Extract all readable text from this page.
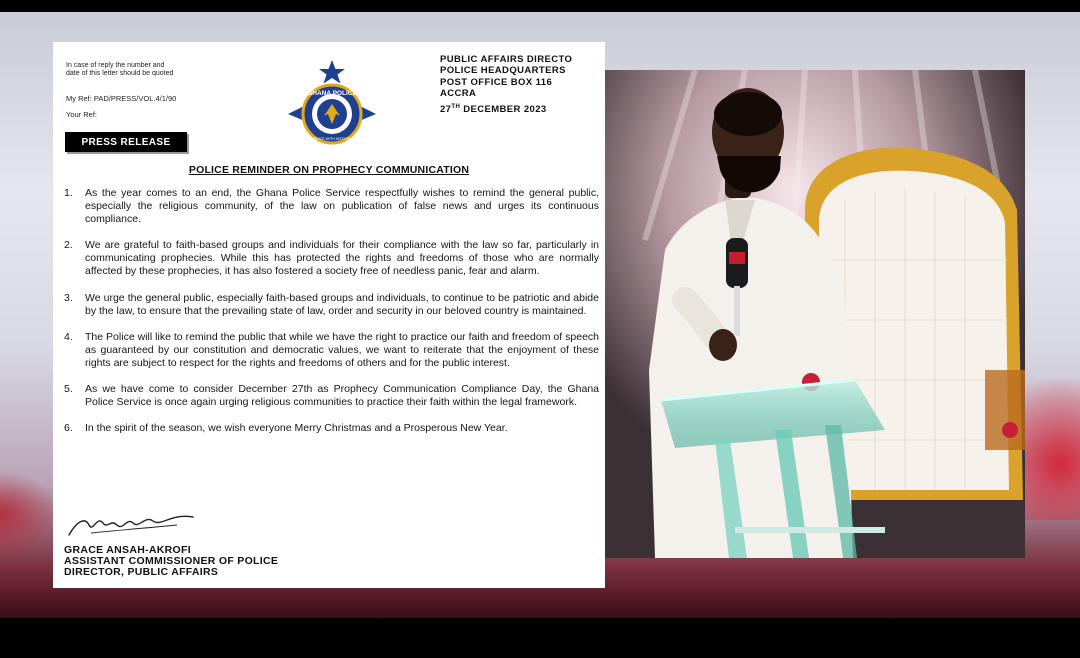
In case of reply the number and date of this letter should be quoted
My Ref: PAD/PRESS/VOL.4/1/90
Your Ref:
GHANA POLICE
SERVICE WITH INTEGRITY
PUBLIC AFFAIRS DIRECTO
POLICE HEADQUARTERS
POST OFFICE BOX 116
ACCRA
27TH DECEMBER 2023
PRESS RELEASE
POLICE REMINDER ON PROPHECY COMMUNICATION
1. As the year comes to an end, the Ghana Police Service respectfully wishes to remind the general public, especially the religious community, of the law on publication of false news and urges its continuous compliance.
2. We are grateful to faith-based groups and individuals for their compliance with the law so far, particularly in communicating prophecies. While this has protected the rights and freedoms of those who are normally affected by these prophecies, it has also fostered a society free of needless panic, fear and alarm.
3. We urge the general public, especially faith-based groups and individuals, to continue to be patriotic and abide by the law, to ensure that the prevailing state of law, order and security in our beloved country is maintained.
4. The Police will like to remind the public that while we have the right to practice our faith and freedom of speech as guaranteed by our constitution and democratic values, we want to reiterate that the enjoyment of these rights are subject to respect for the rights and freedoms of others and for the public interest.
5. As we have come to consider December 27th as Prophecy Communication Compliance Day, the Ghana Police Service is once again urging religious communities to practice their faith within the legal framework.
6. In the spirit of the season, we wish everyone Merry Christmas and a Prosperous New Year.
GRACE ANSAH-AKROFI
ASSISTANT COMMISSIONER OF POLICE
DIRECTOR, PUBLIC AFFAIRS
